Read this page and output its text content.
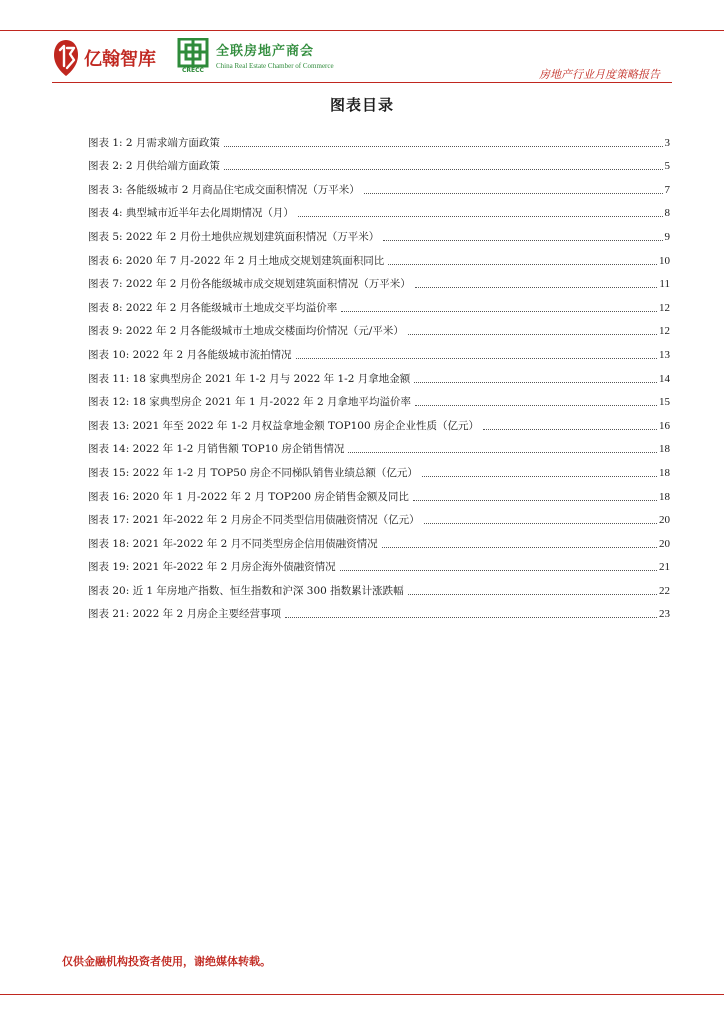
亿翰智库
CRECC
全联房地产商会
China Real Estate Chamber of Commerce
房地产行业月度策略报告
图表目录
图表 1: 2 月需求端方面政策	3
图表 2: 2 月供给端方面政策	5
图表 3: 各能级城市 2 月商品住宅成交面积情况（万平米）	7
图表 4: 典型城市近半年去化周期情况（月）	8
图表 5: 2022 年 2 月份土地供应规划建筑面积情况（万平米）	9
图表 6: 2020 年 7 月-2022 年 2 月土地成交规划建筑面积同比	10
图表 7: 2022 年 2 月份各能级城市成交规划建筑面积情况（万平米）	11
图表 8: 2022 年 2 月各能级城市土地成交平均溢价率	12
图表 9: 2022 年 2 月各能级城市土地成交楼面均价情况（元/平米）	12
图表 10: 2022 年 2 月各能级城市流拍情况	13
图表 11: 18 家典型房企 2021 年 1-2 月与 2022 年 1-2 月拿地金额	14
图表 12: 18 家典型房企 2021 年 1 月-2022 年 2 月拿地平均溢价率	15
图表 13: 2021 年至 2022 年 1-2 月权益拿地金额 TOP100 房企企业性质（亿元）	16
图表 14: 2022 年 1-2 月销售额 TOP10 房企销售情况	18
图表 15: 2022 年 1-2 月 TOP50 房企不同梯队销售业绩总额（亿元）	18
图表 16: 2020 年 1 月-2022 年 2 月 TOP200 房企销售金额及同比	18
图表 17: 2021 年-2022 年 2 月房企不同类型信用债融资情况（亿元）	20
图表 18: 2021 年-2022 年 2 月不同类型房企信用债融资情况	20
图表 19: 2021 年-2022 年 2 月房企海外债融资情况	21
图表 20: 近 1 年房地产指数、恒生指数和沪深 300 指数累计涨跌幅	22
图表 21: 2022 年 2 月房企主要经营事项	23
仅供金融机构投资者使用，谢绝媒体转载。
